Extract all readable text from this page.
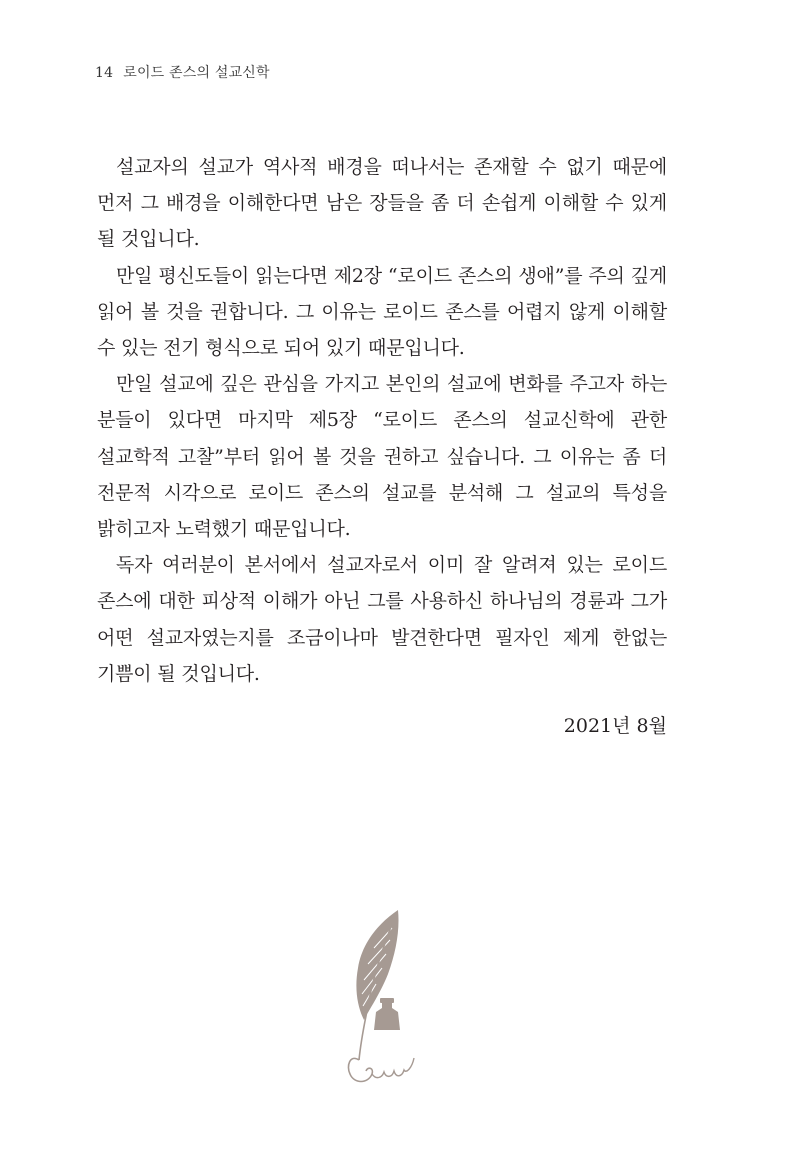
14 로이드 존스의 설교신학

설교자의 설교가 역사적 배경을 떠나서는 존재할 수 없기 때문에 먼저 그 배경을 이해한다면 남은 장들을 좀 더 손쉽게 이해할 수 있게 될 것입니다.

만일 평신도들이 읽는다면 제2장 “로이드 존스의 생애”를 주의 깊게 읽어 볼 것을 권합니다. 그 이유는 로이드 존스를 어렵지 않게 이해할 수 있는 전기 형식으로 되어 있기 때문입니다.

만일 설교에 깊은 관심을 가지고 본인의 설교에 변화를 주고자 하는 분들이 있다면 마지막 제5장 “로이드 존스의 설교신학에 관한 설교학적 고찰”부터 읽어 볼 것을 권하고 싶습니다. 그 이유는 좀 더 전문적 시각으로 로이드 존스의 설교를 분석해 그 설교의 특성을 밝히고자 노력했기 때문입니다.

독자 여러분이 본서에서 설교자로서 이미 잘 알려져 있는 로이드 존스에 대한 피상적 이해가 아닌 그를 사용하신 하나님의 경륜과 그가 어떤 설교자였는지를 조금이나마 발견한다면 필자인 제게 한없는 기쁨이 될 것입니다.

2021년 8월
